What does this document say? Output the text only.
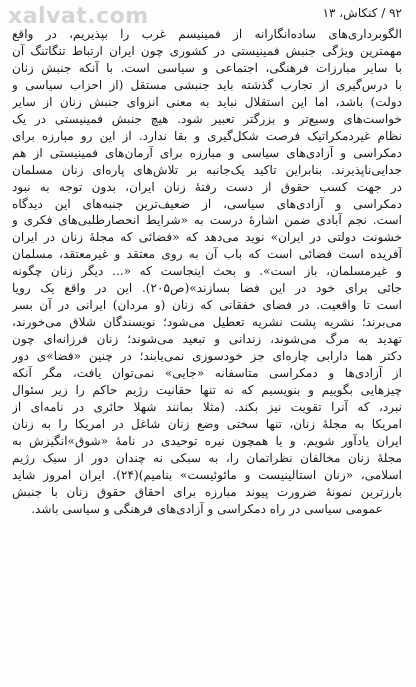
xalvat.com	۹۲ / کنکاش، ۱۳

الگوبرداری‌های ساده‌انگارانه از فمینیسم غرب را بپذیریم، در واقع
مهمترین ویژگی جنبش فمینیستی در کشوری چون ایران ارتباط تنگاتنگ آن
با سایر مبارزات فرهنگی، اجتماعی و سیاسی است. با آنکه جنبش زنان
با درس‌گیری از تجارب گذشته باید جنبشی مستقل (از احزاب سیاسی و
دولت) باشد، اما این استقلال نباید به معنی انزوای جنبش زنان از سایر
خواست‌های وسیع‌تر و بزرگتر تعبیر شود. هیچ جنبش فمینیستی در یک
نظام غیردمکراتیک فرصت شکل‌گیری و بقا ندارد. از این رو مبارزه برای
دمکراسی و آزادی‌های سیاسی و مبارزه برای آرمان‌های فمینیستی از هم
جدایی‌ناپذیرند. بنابراین تاکید یک‌جانبه بر تلاش‌های پاره‌ای زنان مسلمان
در جهت کسب حقوق از دست رفتهٔ زنان ایران، بدون توجه به نبود
دمکراسی و آزادی‌های سیاسی، از ضعیف‌ترین جنبه‌های این دیدگاه
است. نجم آبادی ضمن اشارهٔ درست به «شرایط انحصارطلبی‌های فکری و
خشونت دولتی در ایران» نوید می‌دهد که «فضائی که مجلهٔ زنان در ایران
آفریده است فضائی است که باب آن به روی معتقد و غیرمعتقد، مسلمان
و غیرمسلمان، باز است». و بحث اینجاست که «... دیگر زنان چگونه
جائی برای خود در این فضا بسازند»(ص۲۰۵). این در واقع یک رویا
است تا واقعیت. در فضای خفقانی که زنان (و مردان) ایرانی در آن بسر
می‌برند؛ نشریه پشت نشریه تعطیل می‌شود؛ نویسندگان شلاق می‌خورند،
تهدید به مرگ می‌شوند، زندانی و تبعید می‌شوند؛ زنان فرزانه‌ای چون
دکتر هما دارابی چاره‌ای جز خودسوزی نمی‌یابند؛ در چنین «فضا»ی دور
از آزادی‌ها و دمکراسی متاسفانه «جایی» نمی‌توان یافت، مگر آنکه
چیزهایی بگوییم و بنویسیم که نه تنها حقانیت رژیم حاکم را زیر سئوال
نبرد، که آنرا تقویت نیز بکند. (مثلا بمانند شهلا حائری در نامه‌ای از
امریکا به مجلهٔ زنان، تنها سختی وضع زنان شاغل در امریکا را به زنان
ایران یادآور شویم. و یا همچون نیره توحیدی در نامهٔ «شوق»انگیزش به
مجلهٔ زنان مخالفان نظراتمان را، به سبکی نه چندان دور از سبک رژیم
اسلامی، «زنان استالینیست و مائوئیست» بنامیم)(۲۴). ایران امروز شاید
بارزترین نمونهٔ ضرورت پیوند مبارزه برای احقاق حقوق زنان با جنبش
عمومی سیاسی در راه دمکراسی و آزادی‌های فرهنگی و سیاسی باشد.
